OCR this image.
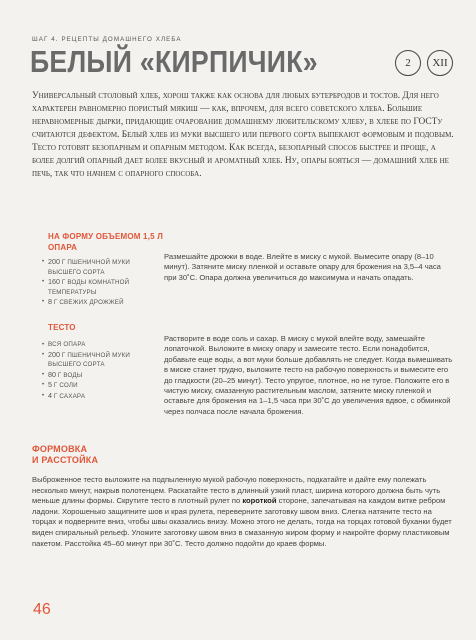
ШАГ 4. РЕЦЕПТЫ ДОМАШНЕГО ХЛЕБА
БЕЛЫЙ «КИРПИЧИК»	2	XII

Универсальный столовый хлеб, хорош также как основа для любых бутербродов и тостов. Для него характерен равномерно пористый мякиш — как, впрочем, для всего советского хлеба. Большие неравномерные дырки, придающие очарование домашнему любительскому хлебу, в хлебе по ГОСТу считаются дефектом. Белый хлеб из муки высшего или первого сорта выпекают формовым и подовым. Тесто готовят безопарным и опарным методом. Как всегда, безопарный способ быстрее и проще, а более долгий опарный дает более вкусный и ароматный хлеб. Ну, опары бояться — домашний хлеб не печь, так что начнем с опарного способа.

НА ФОРМУ ОБЪЕМОМ 1,5 Л
ОПАРА
• 200 Г ПШЕНИЧНОЙ МУКИ
ВЫСШЕГО СОРТА
• 160 Г ВОДЫ КОМНАТНОЙ
ТЕМПЕРАТУРЫ
• 8 Г СВЕЖИХ ДРОЖЖЕЙ
Размешайте дрожжи в воде. Влейте в миску с мукой. Вымесите опару (8–10 минут). Затяните миску пленкой и оставьте опару для брожения на 3,5–4 часа при 30˚С. Опара должна увеличиться до максимума и начать опадать.
ТЕСТО
• ВСЯ ОПАРА
• 200 Г ПШЕНИЧНОЙ МУКИ
ВЫСШЕГО СОРТА
• 80 Г ВОДЫ
• 5 Г СОЛИ
• 4 Г САХАРА
Растворите в воде соль и сахар. В миску с мукой влейте воду, замешайте лопаточкой. Выложите в миску опару и замесите тесто. Если понадобится, добавьте еще воды, а вот муки больше добавлять не следует. Когда вымешивать в миске станет трудно, выложите тесто на рабочую поверхность и вымесите его до гладкости (20–25 минут). Тесто упругое, плотное, но не тугое. Положите его в чистую миску, смазанную растительным маслом, затяните миску пленкой и оставьте для брожения на 1–1,5 часа при 30˚С до увеличения вдвое, с обминкой через полчаса после начала брожения.
ФОРМОВКА
И РАССТОЙКА
Выброженное тесто выложите на подпыленную мукой рабочую поверхность, подкатайте и дайте ему полежать несколько минут, накрыв полотенцем. Раскатайте тесто в длинный узкий пласт, ширина которого должна быть чуть меньше длины формы. Скрутите тесто в плотный рулет по короткой стороне, запечатывая на каждом витке ребром ладони. Хорошенько защипните шов и края рулета, переверните заготовку швом вниз. Слегка натяните тесто на торцах и подверните вниз, чтобы швы оказались внизу. Можно этого не делать, тогда на торцах готовой буханки будет виден спиральный рельеф. Уложите заготовку швом вниз в смазанную жиром форму и накройте форму пластиковым пакетом. Расстойка 45–60 минут при 30˚С. Тесто должно подойти до краев формы.
46
